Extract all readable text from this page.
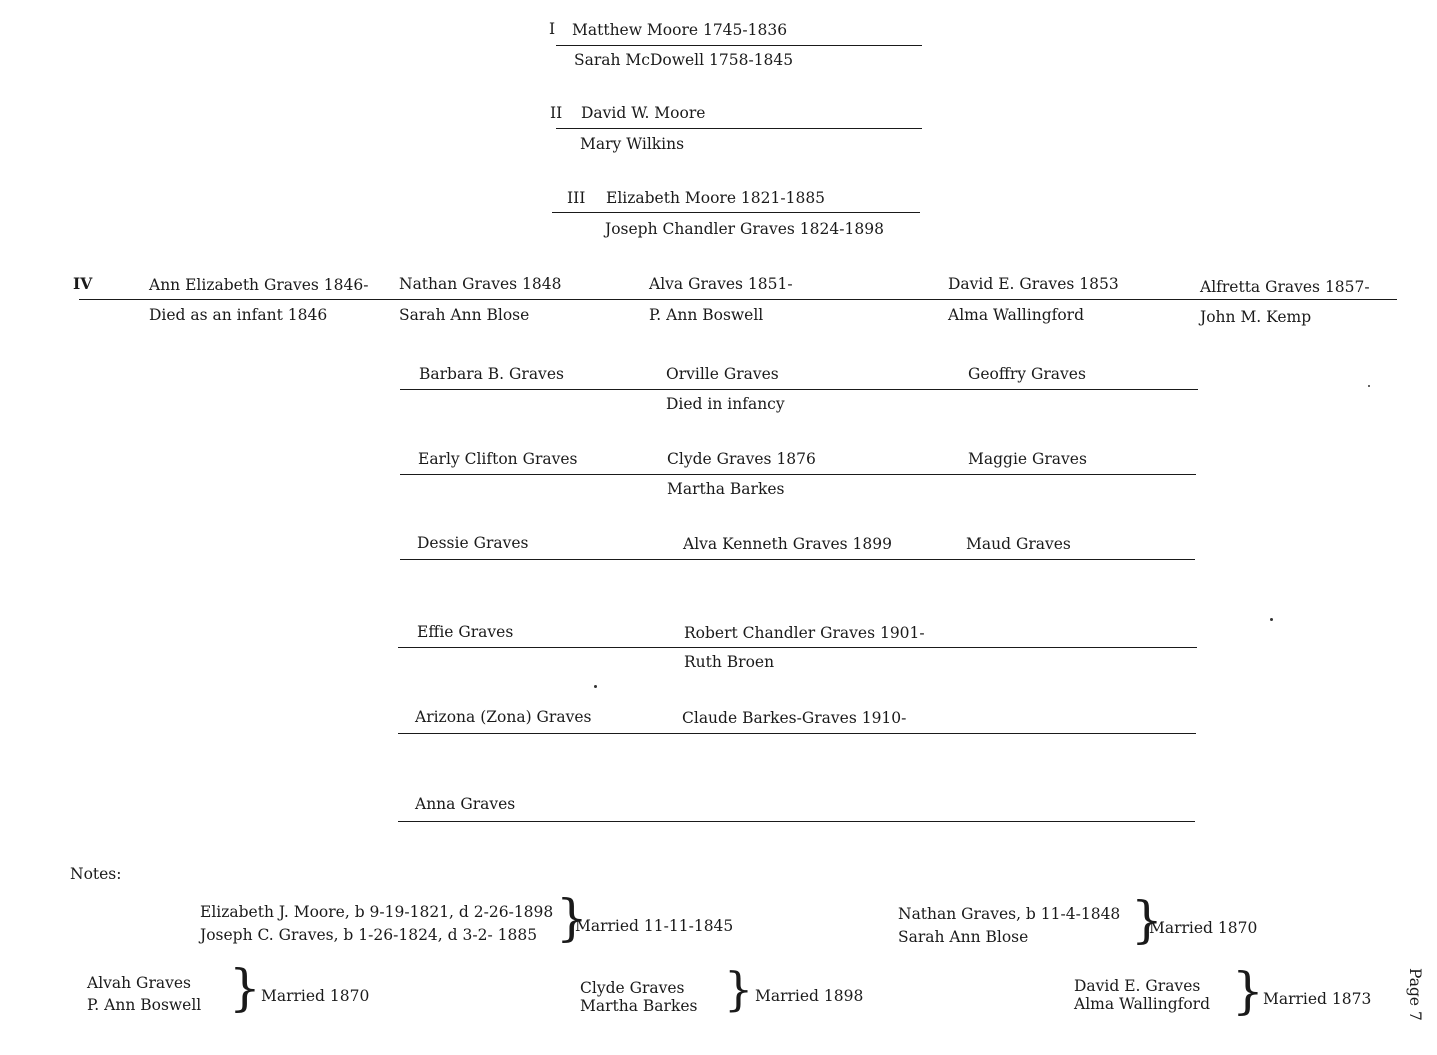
I Matthew Moore 1745-1836
Sarah McDowell 1758-1845
II David W. Moore
Mary Wilkins
III Elizabeth Moore 1821-1885
Joseph Chandler Graves 1824-1898
IV	Ann Elizabeth Graves 1846- Nathan Graves 1848	Alva Graves 1851-	David E. Graves 1853	Alfretta Graves 1857-
Died as an infant 1846	Sarah Ann Blose	P. Ann Boswell	Alma Wallingford	John M. Kemp
Barbara B. Graves	Orville Graves	Geoffry Graves
Died in infancy
Early Clifton Graves	Clyde Graves 1876	Maggie Graves
Martha Barkes
Dessie Graves	Alva Kenneth Graves 1899	Maud Graves
Effie Graves	Robert Chandler Graves 1901-
Ruth Broen
Arizona (Zona) Graves	Claude Barkes-Graves 1910-
Anna Graves
Notes:
Elizabeth J. Moore, b 9-19-1821, d 2-26-1898
Joseph C. Graves, b 1-26-1824, d 3-2- 1885 }
Married 11-11-1845
Nathan Graves, b 11-4-1848
Sarah Ann Blose }
Married 1870
Alvah Graves
P. Ann Boswell } Married 1870	Clyde Graves
Martha Barkes } Married 1898
David E. Graves
Alma Wallingford } Married 1873 Page 7
